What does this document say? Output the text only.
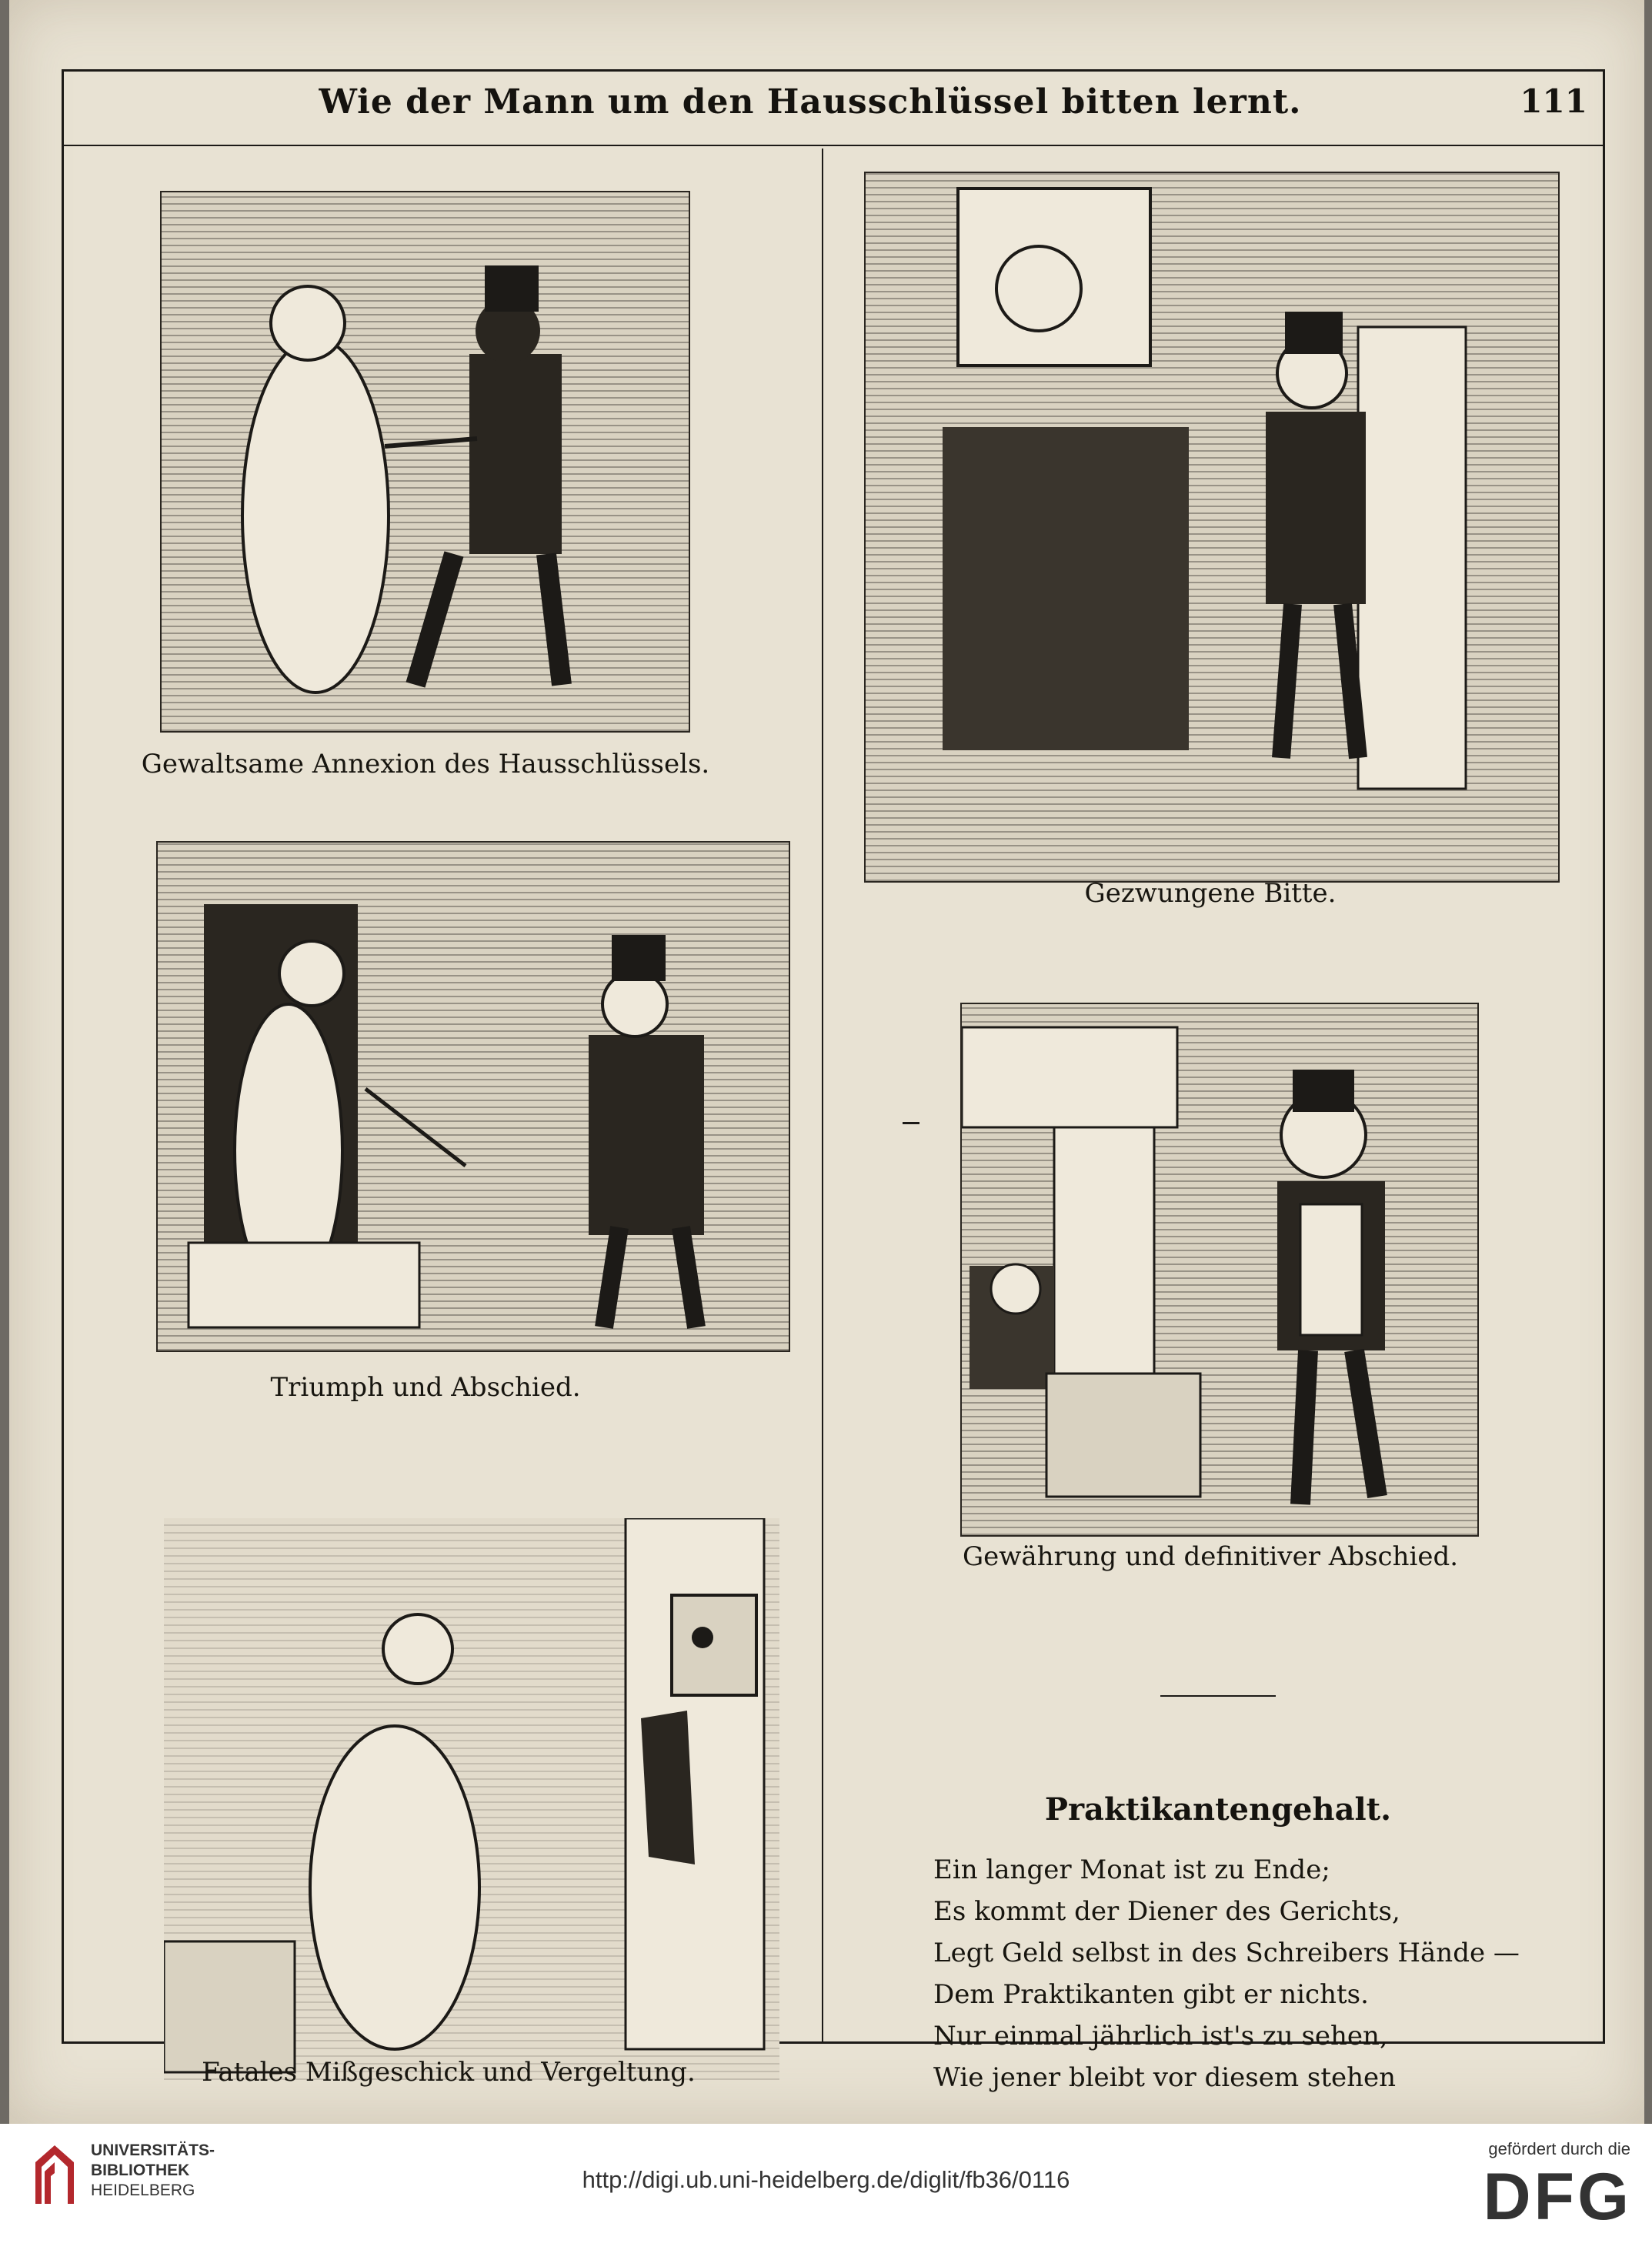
Wie der Mann um den Hausschlüssel bitten lernt.	111
Gewaltsame Annexion des Hausschlüssels.
Gezwungene Bitte.
Triumph und Abschied.
Gewährung und definitiver Abschied.
Fatales Mißgeschick und Vergeltung.
Praktikantengehalt.
Ein langer Monat ist zu Ende;
Es kommt der Diener des Gerichts,
Legt Geld selbst in des Schreibers Hände —
Dem Praktikanten gibt er nichts.
Nur einmal jährlich ist's zu sehen,
Wie jener bleibt vor diesem stehen
UNIVERSITÄTS-
BIBLIOTHEK
HEIDELBERG	http://digi.ub.uni-heidelberg.de/diglit/fb36/0116
gefördert durch die
DFG
